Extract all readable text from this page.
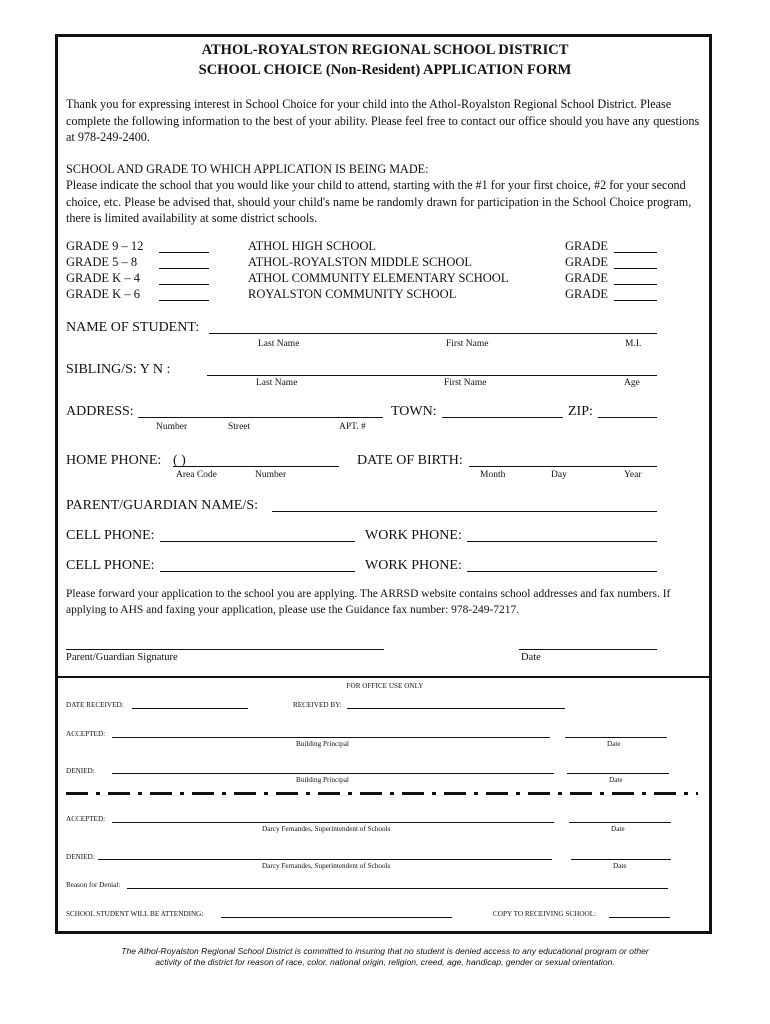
ATHOL-ROYALSTON REGIONAL SCHOOL DISTRICT
SCHOOL CHOICE (Non-Resident) APPLICATION FORM
Thank you for expressing interest in School Choice for your child into the Athol-Royalston Regional School District. Please complete the following information to the best of your ability. Please feel free to contact our office should you have any questions at 978-249-2400.
SCHOOL AND GRADE TO WHICH APPLICATION IS BEING MADE:
Please indicate the school that you would like your child to attend, starting with the #1 for your first choice, #2 for your second choice, etc. Please be advised that, should your child's name be randomly drawn for participation in the School Choice program, there is limited availability at some district schools.
GRADE 9 – 12	ATHOL HIGH SCHOOL	GRADE
GRADE 5 – 8	ATHOL-ROYALSTON MIDDLE SCHOOL	GRADE
GRADE K – 4	ATHOL COMMUNITY ELEMENTARY SCHOOL	GRADE
GRADE K – 6	ROYALSTON COMMUNITY SCHOOL	GRADE
NAME OF STUDENT:
Last Name	First Name	M.I.
SIBLING/S: Y N :
Last Name	First Name	Age
ADDRESS:	TOWN:	ZIP:
Number	Street	APT. #
HOME PHONE: ( )
Area Code	Number
DATE OF BIRTH:
Month	Day	Year
PARENT/GUARDIAN NAME/S:
CELL PHONE:	WORK PHONE:
CELL PHONE:	WORK PHONE:
Please forward your application to the school you are applying. The ARRSD website contains school addresses and fax numbers. If applying to AHS and faxing your application, please use the Guidance fax number: 978-249-7217.
Parent/Guardian Signature	Date
FOR OFFICE USE ONLY
DATE RECEIVED:	RECEIVED BY:
ACCEPTED:
Building Principal	Date
DENIED:
Building Principal	Date
ACCEPTED:
Darcy Fernandes, Superintendent of Schools	Date
DENIED:
Darcy Fernandes, Superintendent of Schools	Date
Reason for Denial:
SCHOOL STUDENT WILL BE ATTENDING:	COPY TO RECEIVING SCHOOL:
The Athol-Royalston Regional School District is committed to insuring that no student is denied access to any educational program or other
activity of the district for reason of race, color, national origin, religion, creed, age, handicap, gender or sexual orientation.
